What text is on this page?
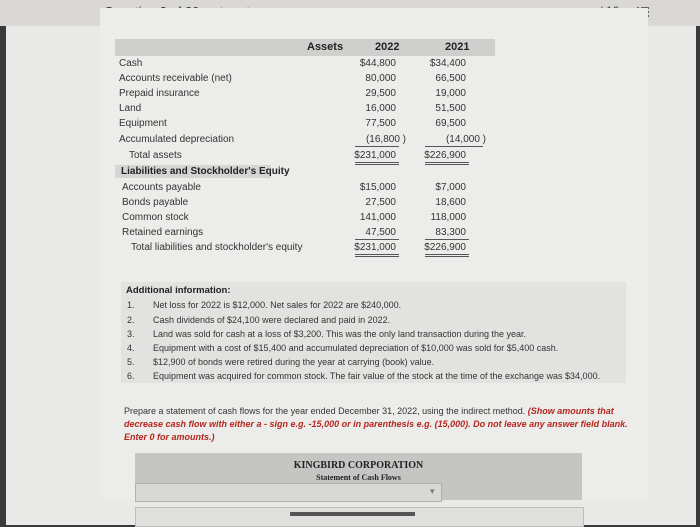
Assets	2022	2021
Cash	$44,800	$34,400
Accounts receivable (net)	80,000	66,500
Prepaid insurance	29,500	19,000
Land	16,000	51,500
Equipment	77,500	69,500
Accumulated depreciation	(16,800 )	(14,000 )
Total assets	$231,000	$226,900
Liabilities and Stockholder's Equity
Accounts payable	$15,000	$7,000
Bonds payable	27,500	18,600
Common stock	141,000	118,000
Retained earnings	47,500	83,300
Total liabilities and stockholder's equity	$231,000	$226,900
Additional information:
1. Net loss for 2022 is $12,000. Net sales for 2022 are $240,000.
2. Cash dividends of $24,100 were declared and paid in 2022.
3. Land was sold for cash at a loss of $3,200. This was the only land transaction during the year.
4. Equipment with a cost of $15,400 and accumulated depreciation of $10,000 was sold for $5,400 cash.
5. $12,900 of bonds were retired during the year at carrying (book) value.
6. Equipment was acquired for common stock. The fair value of the stock at the time of the exchange was $34,000.
Prepare a statement of cash flows for the year ended December 31, 2022, using the indirect method. (Show amounts that
decrease cash flow with either a - sign e.g. -15,000 or in parenthesis e.g. (15,000). Do not leave any answer field blank.
Enter 0 for amounts.)
KINGBIRD CORPORATION
Statement of Cash Flows
▾
